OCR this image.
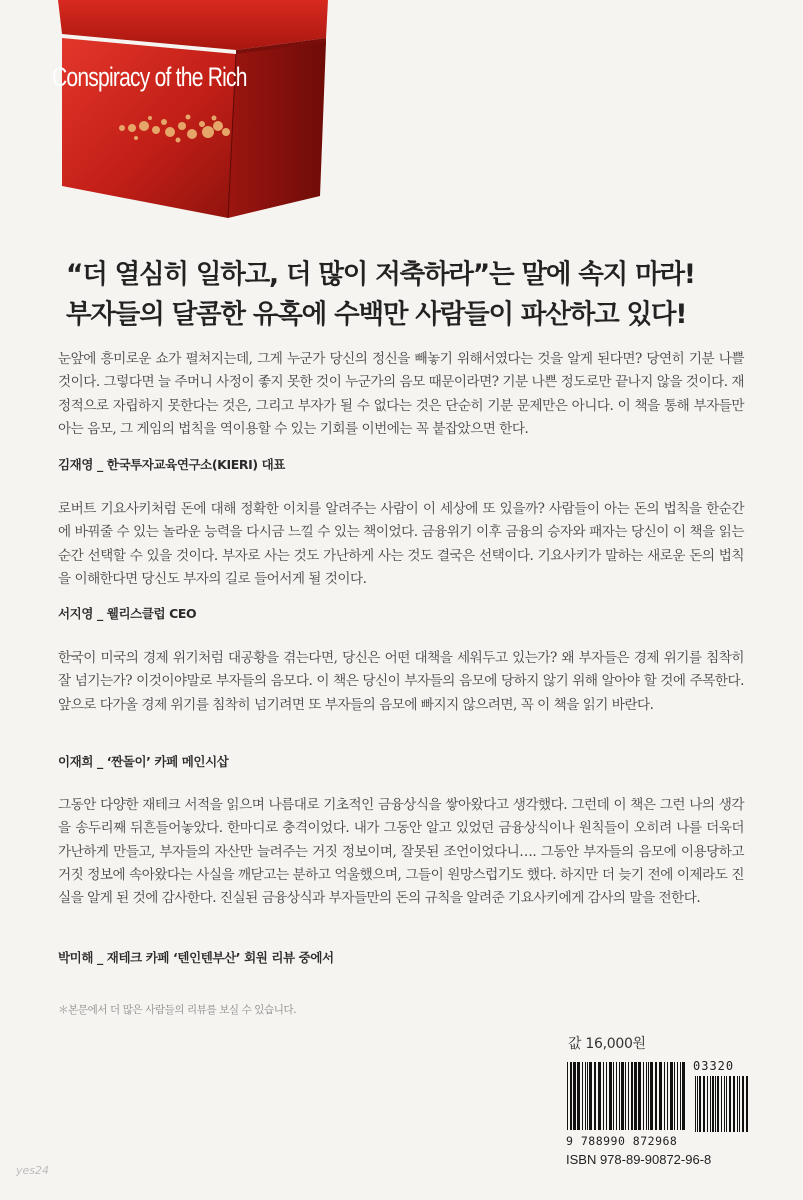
Conspiracy of the Rich
“더 열심히 일하고, 더 많이 저축하라”는 말에 속지 마라!
부자들의 달콤한 유혹에 수백만 사람들이 파산하고 있다!
눈앞에 흥미로운 쇼가 펼쳐지는데, 그게 누군가 당신의 정신을 빼놓기 위해서였다는 것을 알게 된다면? 당연히 기분 나쁠 것이다. 그렇다면 늘 주머니 사정이 좋지 못한 것이 누군가의 음모 때문이라면? 기분 나쁜 정도로만 끝나지 않을 것이다. 재정적으로 자립하지 못한다는 것은, 그리고 부자가 될 수 없다는 것은 단순히 기분 문제만은 아니다. 이 책을 통해 부자들만 아는 음모, 그 게임의 법칙을 역이용할 수 있는 기회를 이번에는 꼭 붙잡았으면 한다.
김재영 _ 한국투자교육연구소(KIERI) 대표
로버트 기요사키처럼 돈에 대해 정확한 이치를 알려주는 사람이 이 세상에 또 있을까? 사람들이 아는 돈의 법칙을 한순간에 바꿔줄 수 있는 놀라운 능력을 다시금 느낄 수 있는 책이었다. 금융위기 이후 금융의 승자와 패자는 당신이 이 책을 읽는 순간 선택할 수 있을 것이다. 부자로 사는 것도 가난하게 사는 것도 결국은 선택이다. 기요사키가 말하는 새로운 돈의 법칙을 이해한다면 당신도 부자의 길로 들어서게 될 것이다.
서지영 _ 웰리스클럽 CEO
한국이 미국의 경제 위기처럼 대공황을 겪는다면, 당신은 어떤 대책을 세워두고 있는가? 왜 부자들은 경제 위기를 침착히 잘 넘기는가? 이것이야말로 부자들의 음모다. 이 책은 당신이 부자들의 음모에 당하지 않기 위해 알아야 할 것에 주목한다. 앞으로 다가올 경제 위기를 침착히 넘기려면 또 부자들의 음모에 빠지지 않으려면, 꼭 이 책을 읽기 바란다.
이재희 _ ‘짠돌이’ 카페 메인시삽
그동안 다양한 재테크 서적을 읽으며 나름대로 기초적인 금융상식을 쌓아왔다고 생각했다. 그런데 이 책은 그런 나의 생각을 송두리째 뒤흔들어놓았다. 한마디로 충격이었다. 내가 그동안 알고 있었던 금융상식이나 원칙들이 오히려 나를 더욱더 가난하게 만들고, 부자들의 자산만 늘려주는 거짓 정보이며, 잘못된 조언이었다니…. 그동안 부자들의 음모에 이용당하고 거짓 정보에 속아왔다는 사실을 깨닫고는 분하고 억울했으며, 그들이 원망스럽기도 했다. 하지만 더 늦기 전에 이제라도 진실을 알게 된 것에 감사한다. 진실된 금융상식과 부자들만의 돈의 규칙을 알려준 기요사키에게 감사의 말을 전한다.
박미해 _ 재테크 카페 ‘텐인텐부산’ 회원 리뷰 중에서
＊본문에서 더 많은 사람들의 리뷰를 보실 수 있습니다.
값 16,000원
03320
9 788990 872968
ISBN 978-89-90872-96-8
yes24
